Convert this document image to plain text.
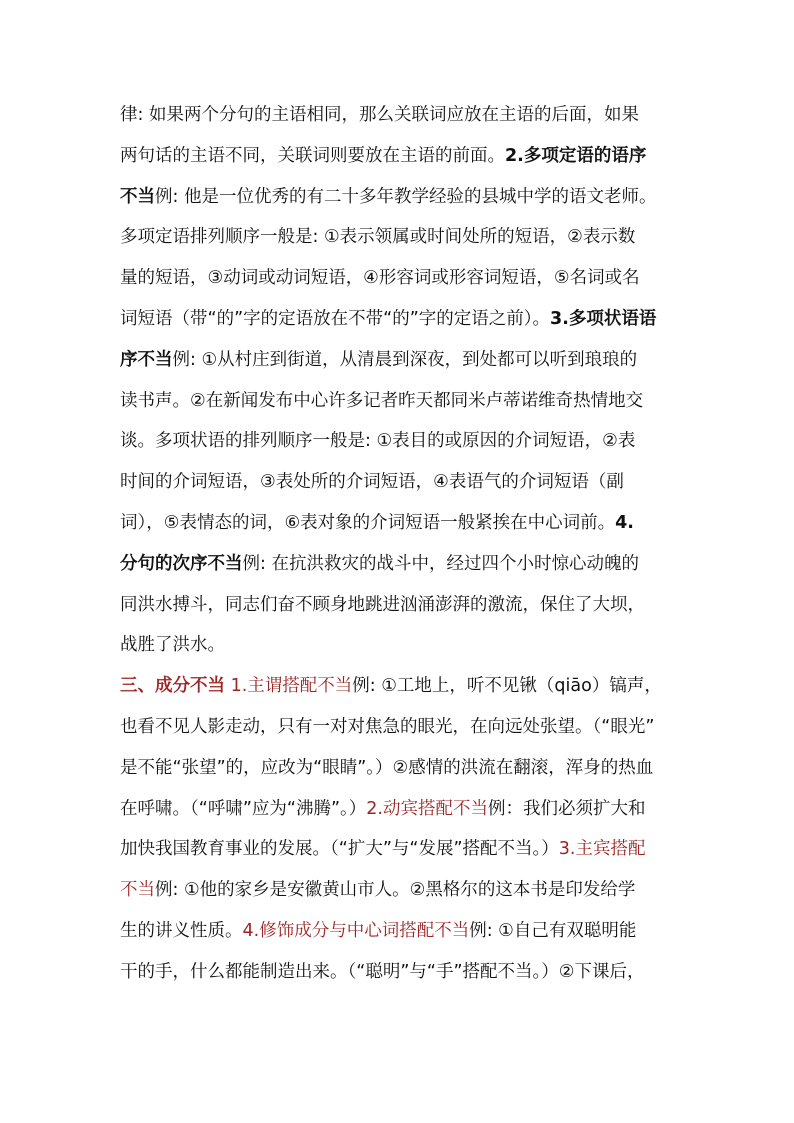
律: 如果两个分句的主语相同，那么关联词应放在主语的后面，如果
两句话的主语不同，关联词则要放在主语的前面。2.多项定语的语序
不当例: 他是一位优秀的有二十多年教学经验的县城中学的语文老师。
多项定语排列顺序一般是: ①表示领属或时间处所的短语，②表示数
量的短语，③动词或动词短语，④形容词或形容词短语，⑤名词或名
词短语（带“的”字的定语放在不带“的”字的定语之前）。3.多项状语语
序不当例: ①从村庄到街道，从清晨到深夜，到处都可以听到琅琅的
读书声。②在新闻发布中心许多记者昨天都同米卢蒂诺维奇热情地交
谈。多项状语的排列顺序一般是: ①表目的或原因的介词短语，②表
时间的介词短语，③表处所的介词短语，④表语气的介词短语（副
词），⑤表情态的词，⑥表对象的介词短语一般紧挨在中心词前。4.
分句的次序不当例: 在抗洪救灾的战斗中，经过四个小时惊心动魄的
同洪水搏斗，同志们奋不顾身地跳进汹涌澎湃的激流，保住了大坝，
战胜了洪水。
三、成分不当 1.主谓搭配不当例: ①工地上，听不见锹（qiāo）镐声，
也看不见人影走动，只有一对对焦急的眼光，在向远处张望。（“眼光”
是不能“张望”的，应改为“眼睛”。）②感情的洪流在翻滚，浑身的热血
在呼啸。（“呼啸”应为“沸腾”。）2.动宾搭配不当例：我们必须扩大和
加快我国教育事业的发展。（“扩大”与“发展”搭配不当。）3.主宾搭配
不当例: ①他的家乡是安徽黄山市人。②黑格尔的这本书是印发给学
生的讲义性质。4.修饰成分与中心词搭配不当例: ①自己有双聪明能
干的手，什么都能制造出来。（“聪明”与“手”搭配不当。）②下课后，
